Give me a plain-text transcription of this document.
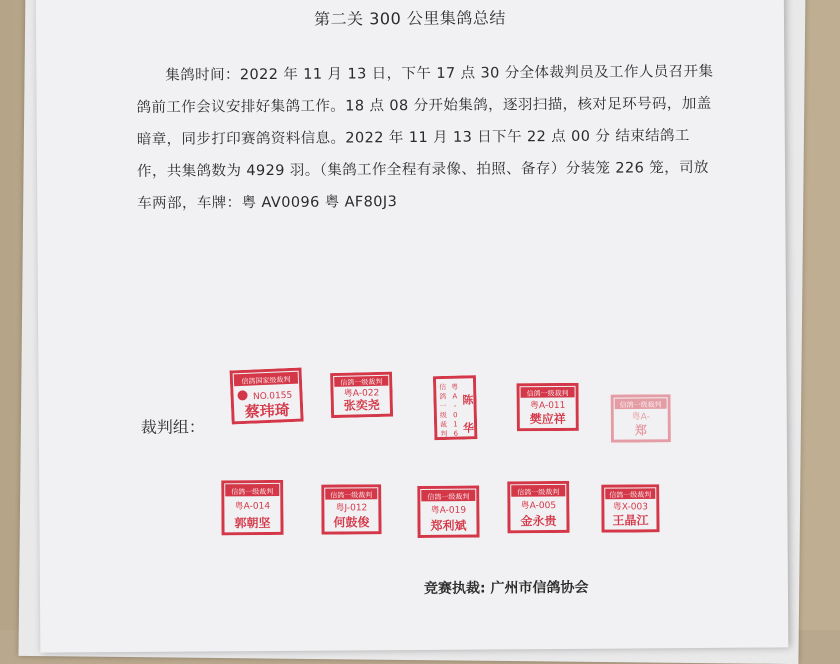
第二关 300 公里集鸽总结

集鸽时间：2022 年 11 月 13 日，下午 17 点 30 分全体裁判员及工作人员召开集鸽前工作会议安排好集鸽工作。18 点 08 分开始集鸽，逐羽扫描，核对足环号码，加盖暗章，同步打印赛鸽资料信息。2022 年 11 月 13 日下午 22 点 00 分 结束结鸽工作，共集鸽数为 4929 羽。（集鸽工作全程有录像、拍照、备存）分装笼 226 笼，司放车两部，车牌：粤 AV0096 粤 AF80J3

裁判组：
信鸽国家级裁判
NO.0155
蔡玮琦
信鸽一级裁判
粤A-022
张奕尧
信
鸽
一
级
裁
判
粤
A
-
0
1
6
陈
华
信鸽一级裁判
粤A-011
樊应祥
信鸽一级裁判
粤A-
郑
信鸽一级裁判
粤A-014
郭朝坚
信鸽一级裁判
粤J-012
何鼓俊
信鸽一级裁判
粤A-019
郑利斌
信鸽一级裁判
粤A-005
金永贵
信鸽一级裁判
粤X-003
王晶江
竞赛执裁: 广州市信鸽协会
